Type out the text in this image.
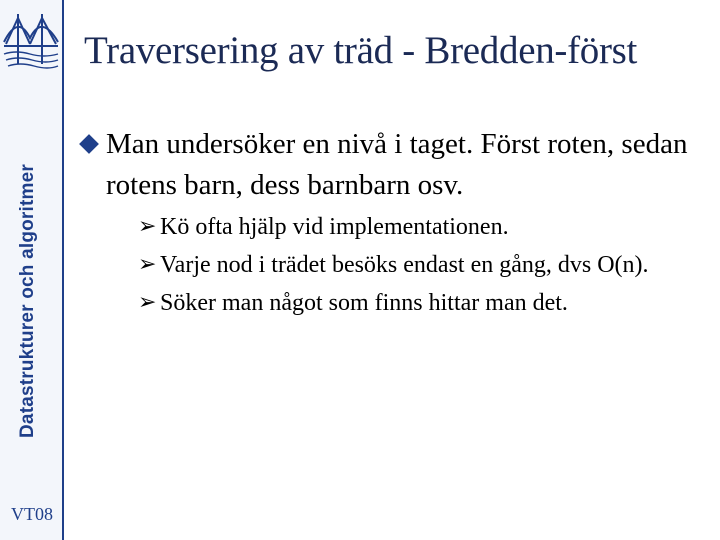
Datastrukturer och algoritmer
VT08
Traversering av träd - Bredden-först
Man undersöker en nivå i taget. Först roten, sedan rotens barn, dess barnbarn osv.
➢ Kö ofta hjälp vid implementationen.
➢ Varje nod i trädet besöks endast en gång, dvs O(n).
➢ Söker man något som finns hittar man det.
